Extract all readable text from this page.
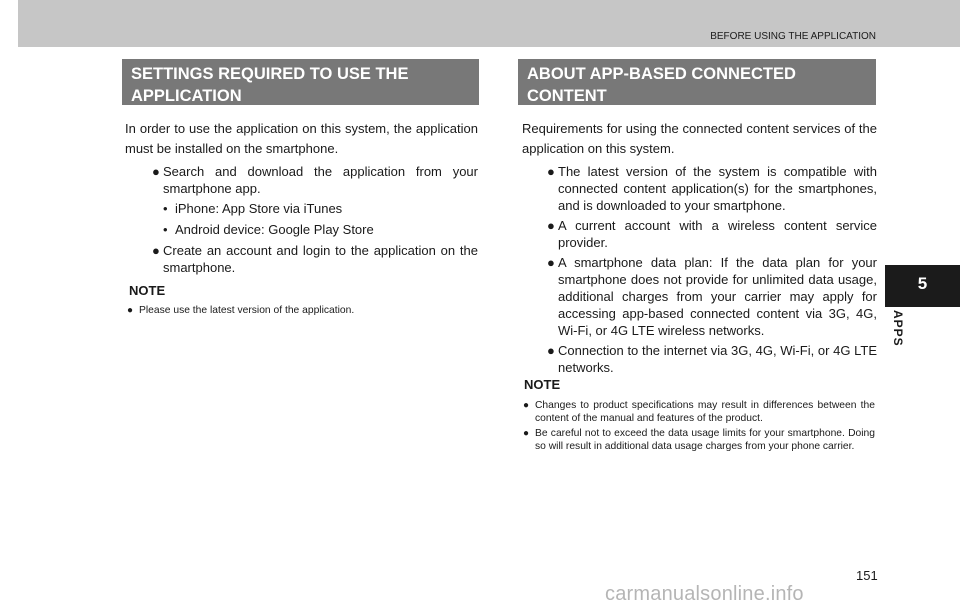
BEFORE USING THE APPLICATION
5
APPS
SETTINGS REQUIRED TO USE THE
APPLICATION

In order to use the application on this system, the application must be installed on the smartphone.

● Search and download the application from your smartphone app.
• iPhone: App Store via iTunes
• Android device: Google Play Store
● Create an account and login to the application on the smartphone.
NOTE
● Please use the latest version of the application.
ABOUT APP-BASED CONNECTED
CONTENT

Requirements for using the connected content services of the application on this system.

● The latest version of the system is compatible with connected content application(s) for the smartphones, and is downloaded to your smartphone.
● A current account with a wireless content service provider.
● A smartphone data plan: If the data plan for your smartphone does not provide for unlimited data usage, additional charges from your carrier may apply for accessing app-based connected content via 3G, 4G, Wi-Fi, or 4G LTE wireless networks.
● Connection to the internet via 3G, 4G, Wi-Fi, or 4G LTE networks.
NOTE
● Changes to product specifications may result in differences between the content of the manual and features of the product.
● Be careful not to exceed the data usage limits for your smartphone. Doing so will result in additional data usage charges from your phone carrier.
151
carmanualsonline.info
